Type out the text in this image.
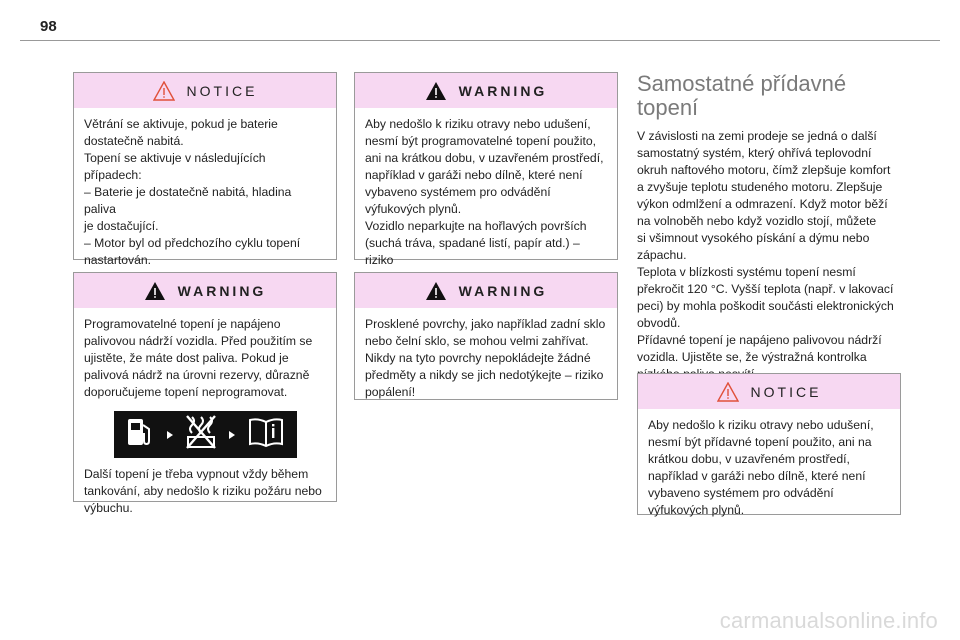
98
NOTICE

Větrání se aktivuje, pokud je baterie
dostatečně nabitá.
Topení se aktivuje v následujících případech:
– Baterie je dostatečně nabitá, hladina paliva
je dostačující.
– Motor byl od předchozího cyklu topení
nastartován.

WARNING

Programovatelné topení je napájeno
palivovou nádrží vozidla. Před použitím se
ujistěte, že máte dost paliva. Pokud je
palivová nádrž na úrovni rezervy, důrazně
doporučujeme topení neprogramovat.

Další topení je třeba vypnout vždy během
tankování, aby nedošlo k riziku požáru nebo
výbuchu.

WARNING

Aby nedošlo k riziku otravy nebo udušení,
nesmí být programovatelné topení použito,
ani na krátkou dobu, v uzavřeném prostředí,
například v garáži nebo dílně, které není
vybaveno systémem pro odvádění
výfukových plynů.
Vozidlo neparkujte na hořlavých površích
(suchá tráva, spadané listí, papír atd.) – riziko

WARNING

Prosklené povrchy, jako například zadní sklo
nebo čelní sklo, se mohou velmi zahřívat.
Nikdy na tyto povrchy nepokládejte žádné
předměty a nikdy se jich nedotýkejte – riziko
popálení!

Samostatné přídavné
topení
V závislosti na zemi prodeje se jedná o další
samostatný systém, který ohřívá teplovodní
okruh naftového motoru, čímž zlepšuje komfort
a zvyšuje teplotu studeného motoru. Zlepšuje
výkon odmlžení a odmrazení. Když motor běží
na volnoběh nebo když vozidlo stojí, můžete
si všimnout vysokého pískání a dýmu nebo
zápachu.
Teplota v blízkosti systému topení nesmí
překročit 120 °C. Vyšší teplota (např. v lakovací
peci) by mohla poškodit součásti elektronických
obvodů.
Přídavné topení je napájeno palivovou nádrží
vozidla. Ujistěte se, že výstražná kontrolka

NOTICE

Aby nedošlo k riziku otravy nebo udušení,
nesmí být přídavné topení použito, ani na
krátkou dobu, v uzavřeném prostředí,
například v garáži nebo dílně, které není
vybaveno systémem pro odvádění
výfukových plynů.

carmanualsonline.info
